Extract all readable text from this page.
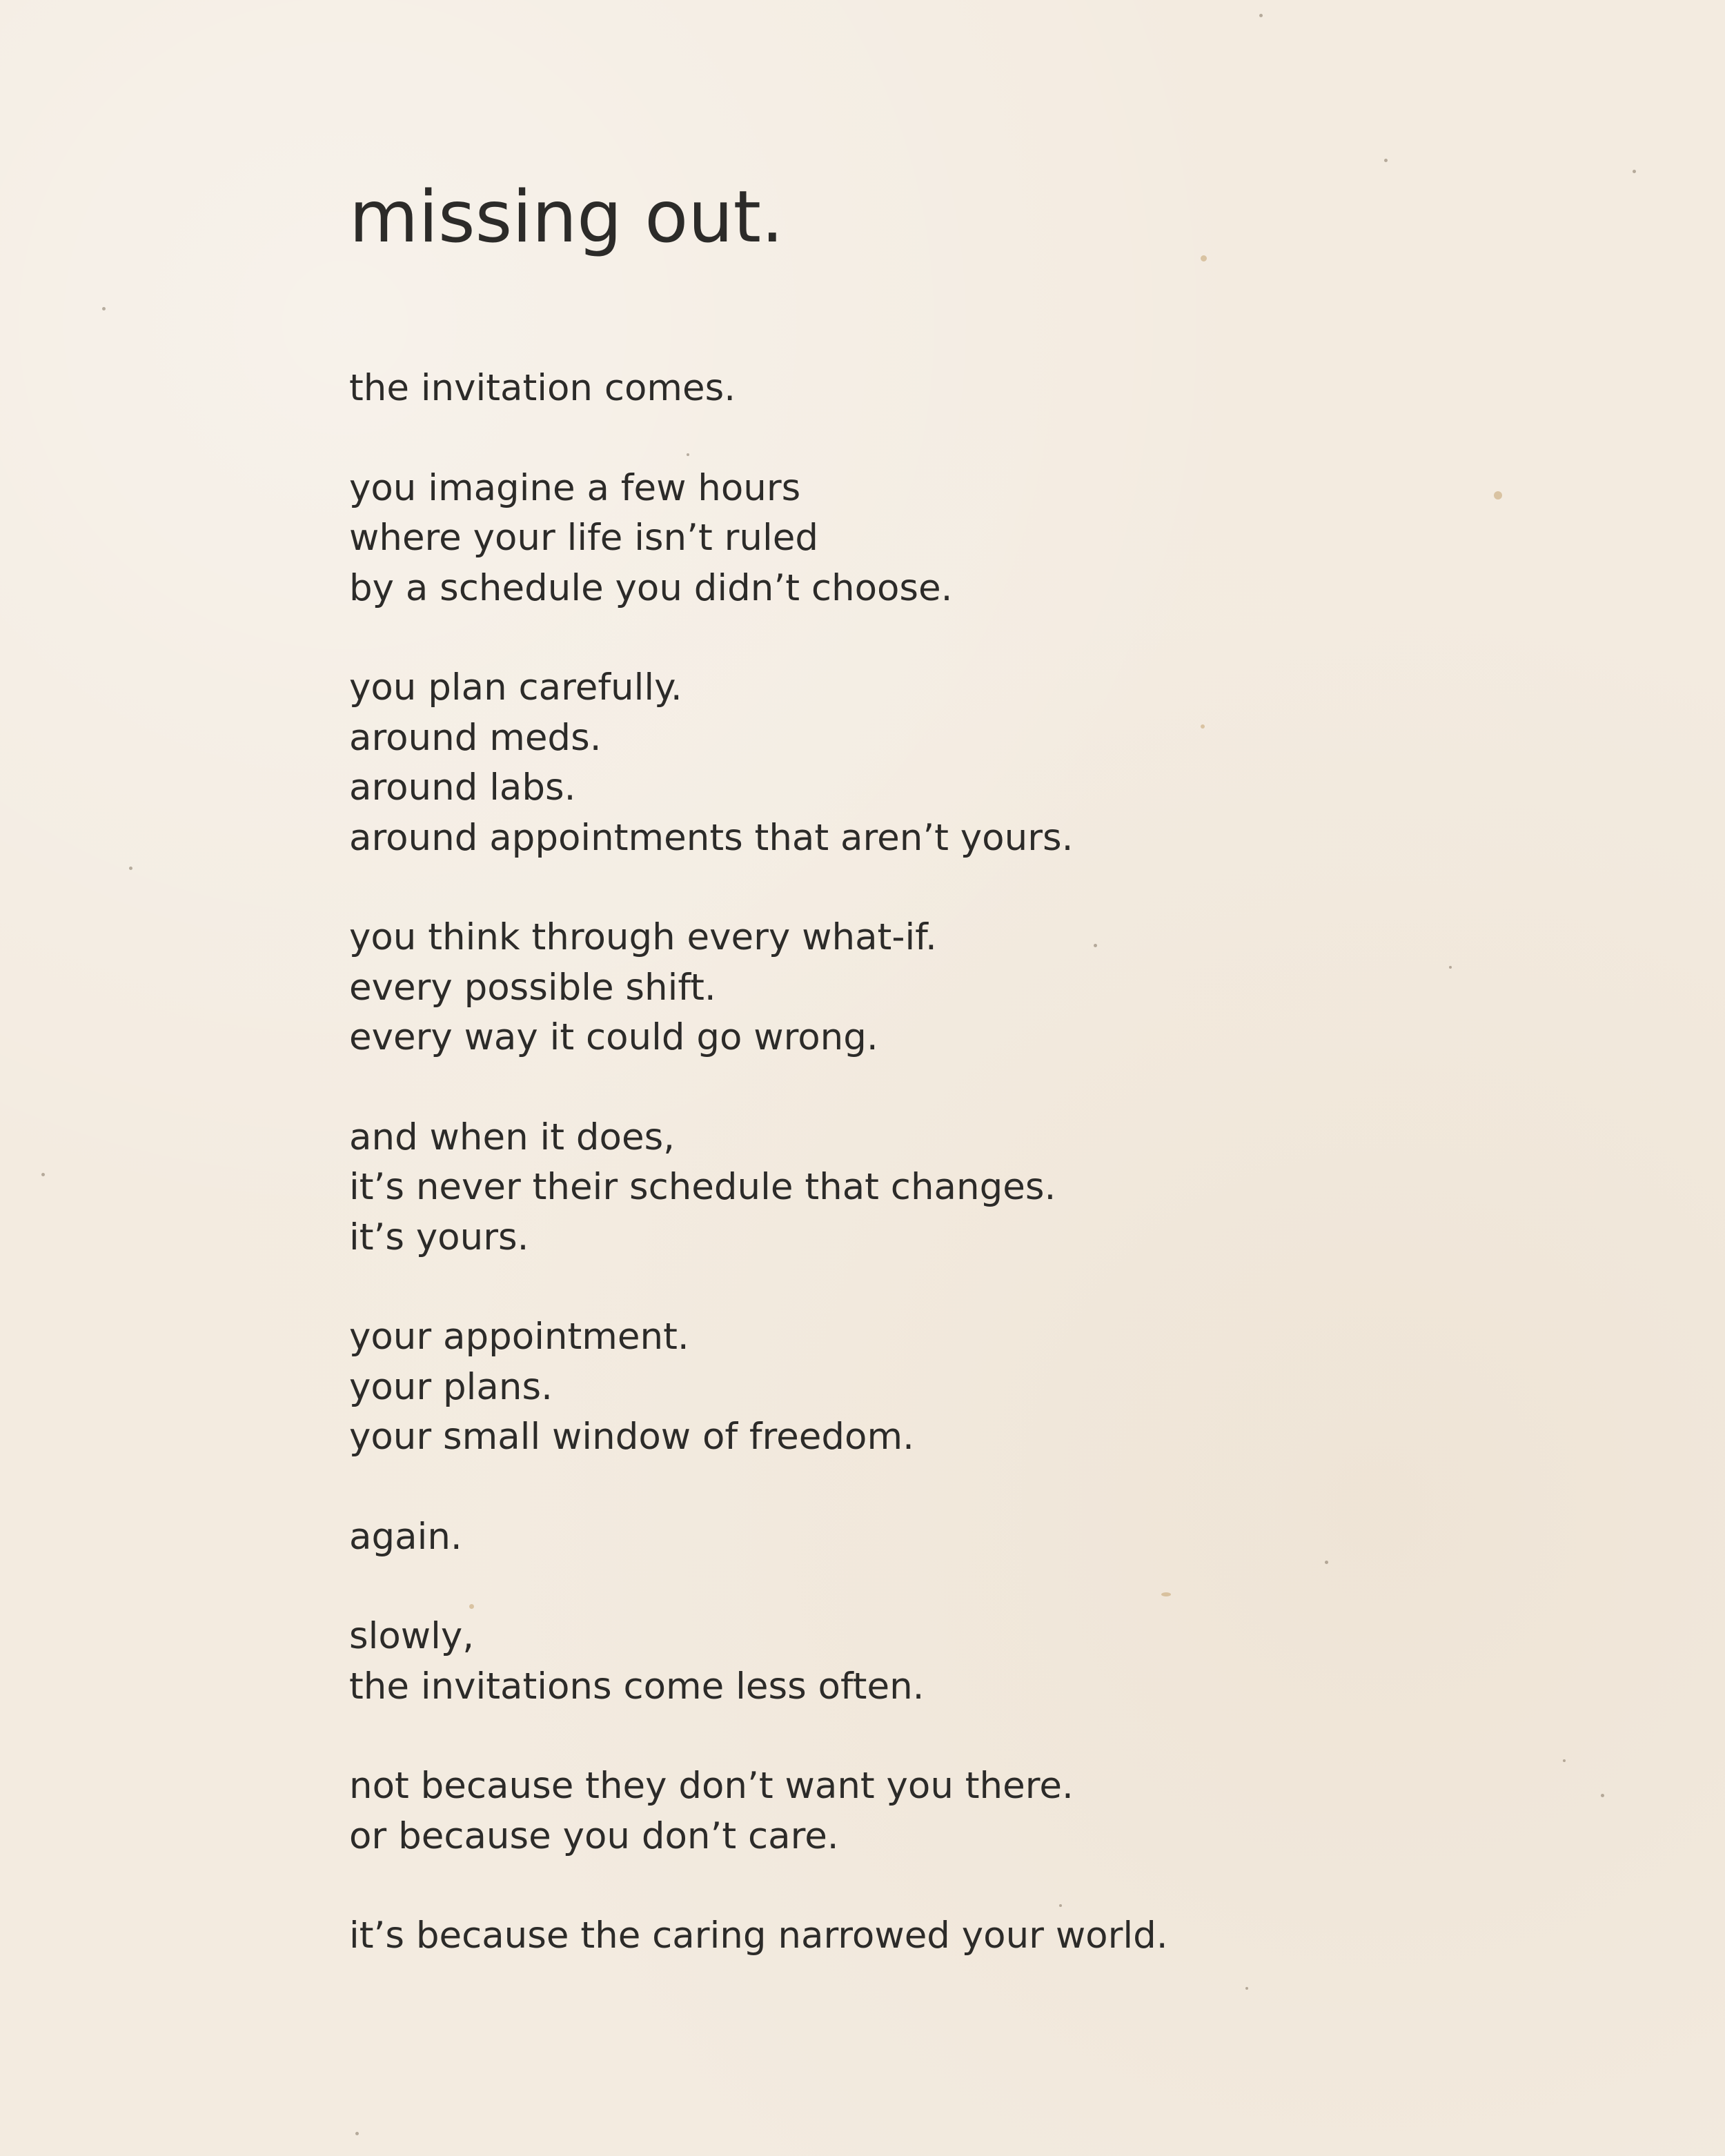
missing out.
the invitation comes.
you imagine a few hours
where your life isn’t ruled
by a schedule you didn’t choose.
you plan carefully.
around meds.
around labs.
around appointments that aren’t yours.
you think through every what-if.
every possible shift.
every way it could go wrong.
and when it does,
it’s never their schedule that changes.
it’s yours.
your appointment.
your plans.
your small window of freedom.
again.
slowly,
the invitations come less often.
not because they don’t want you there.
or because you don’t care.
it’s because the caring narrowed your world.
